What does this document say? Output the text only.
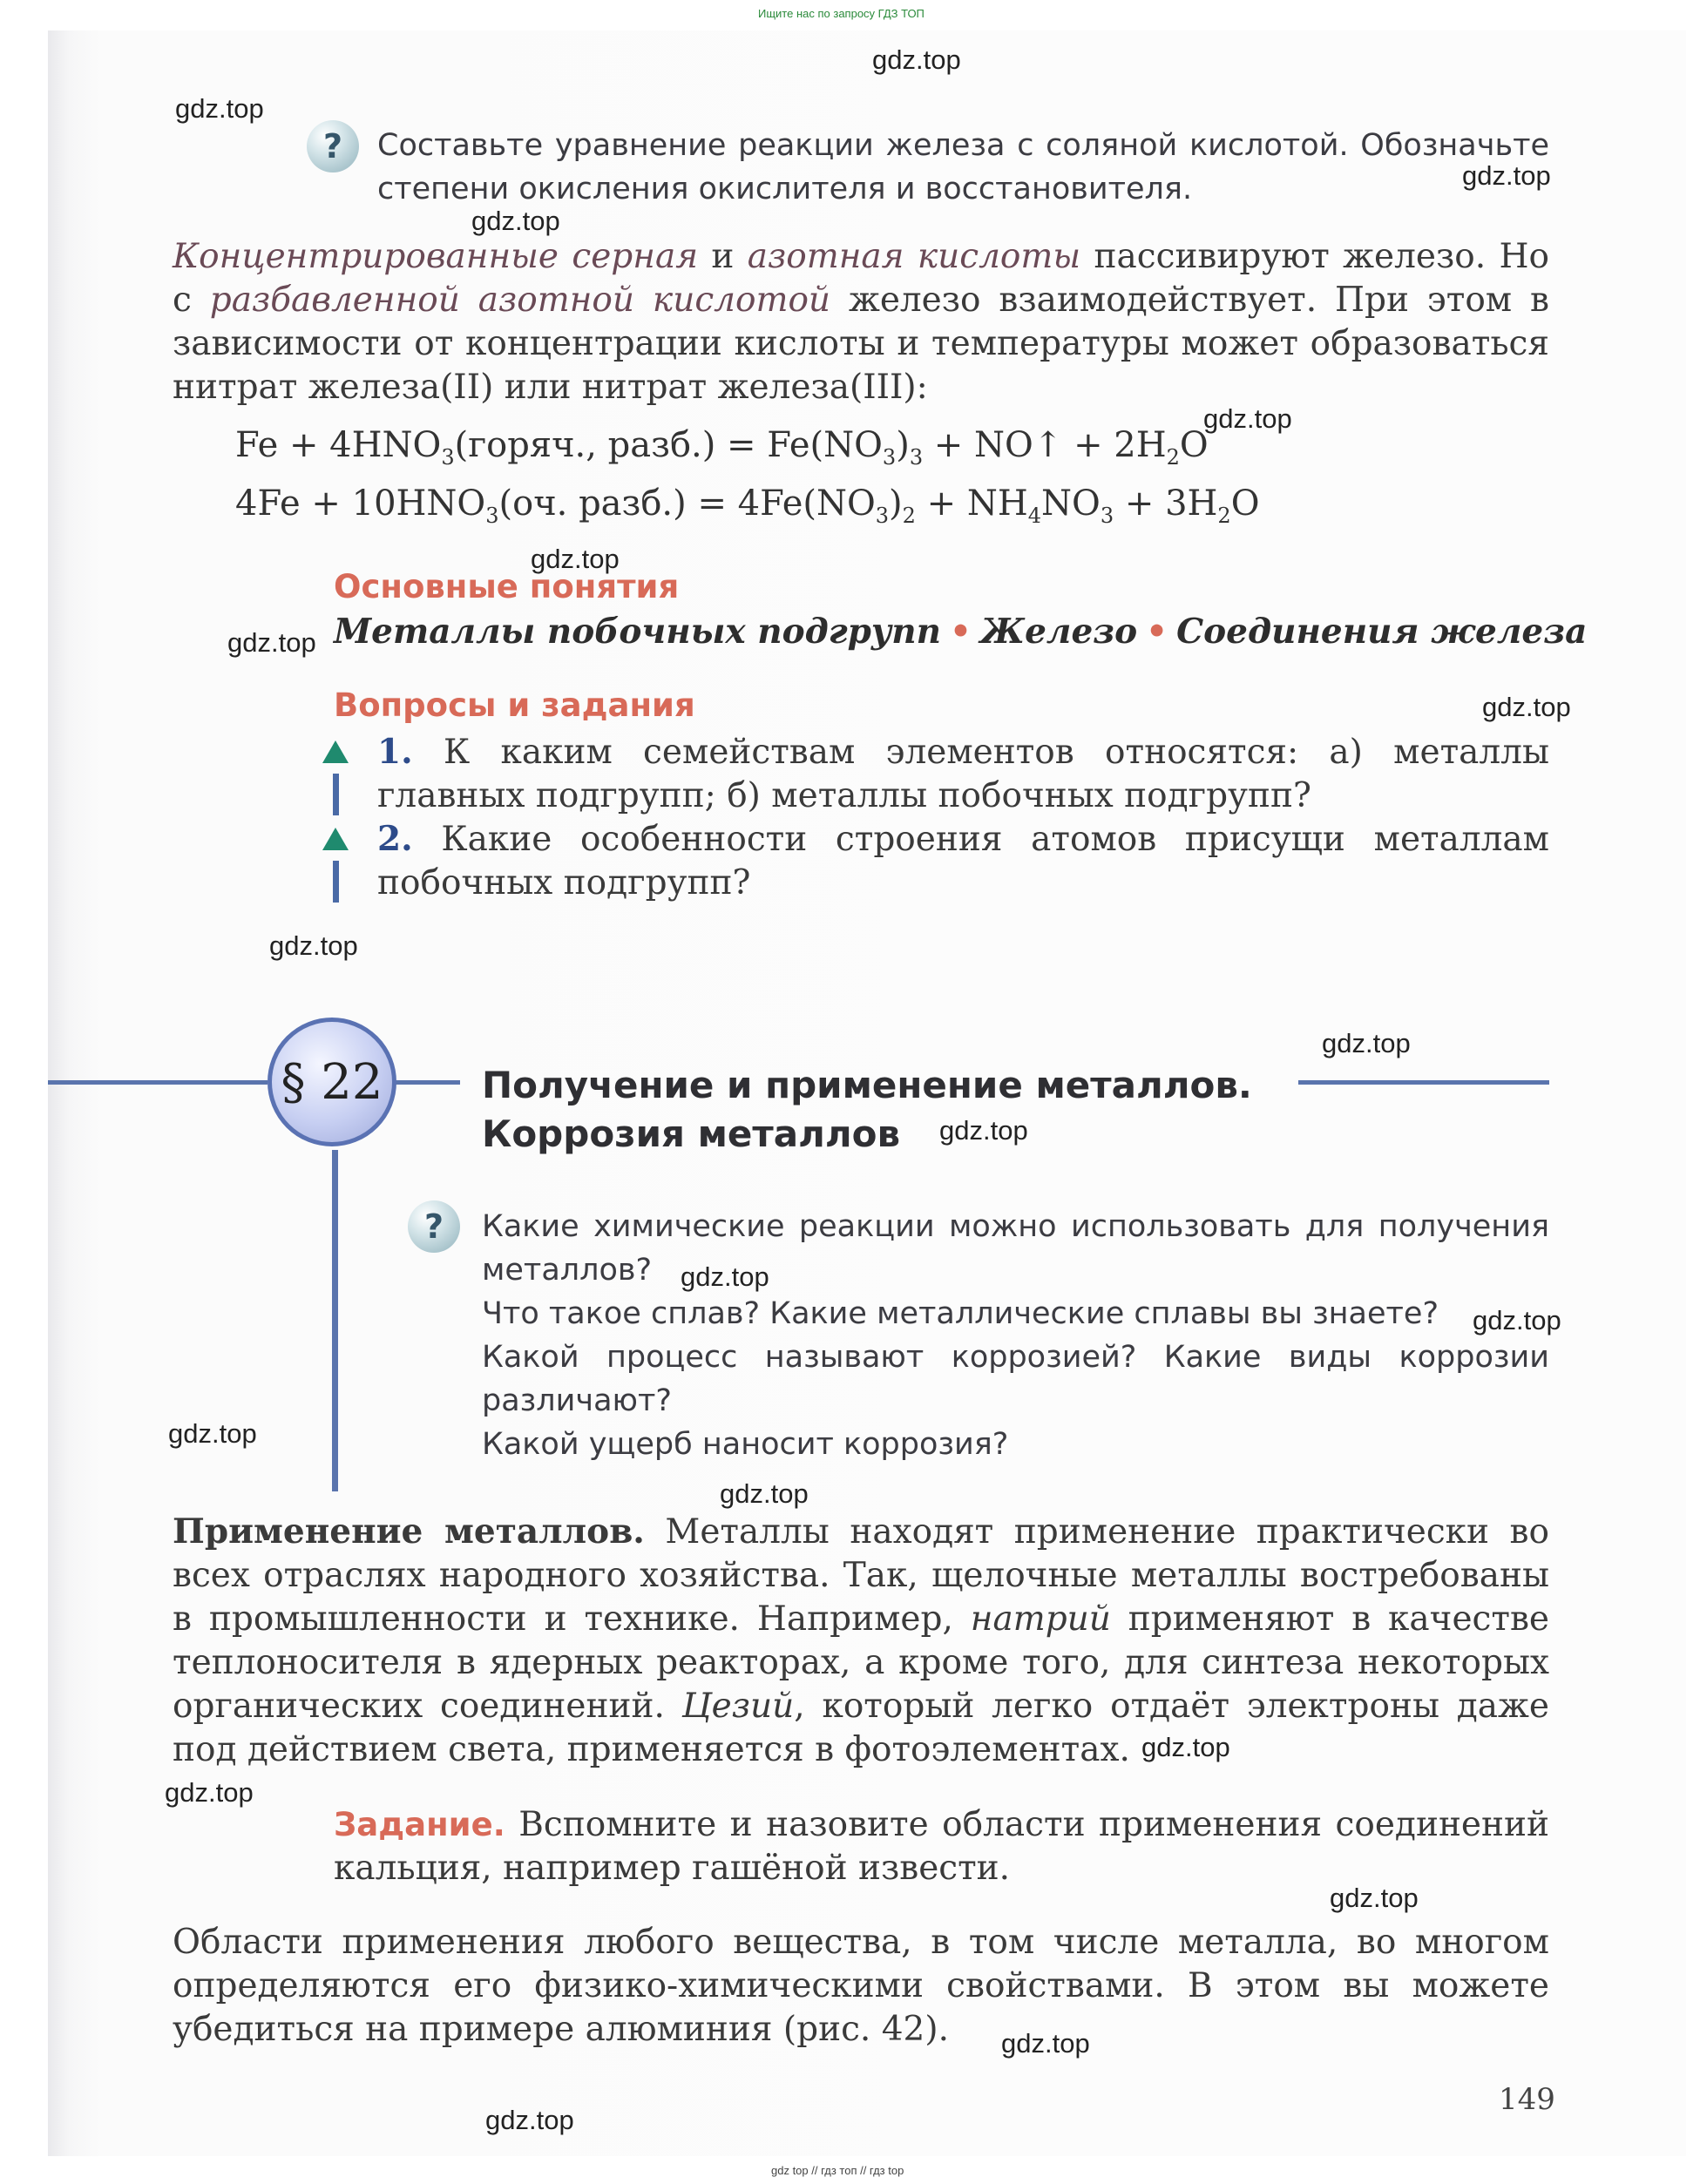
Ищите нас по запросу ГДЗ ТОП
?	Составьте уравнение реакции железа с соляной кислотой. Обозначьте степени окисления окислителя и восстановителя.
Концентрированные серная и азотная кислоты пассивируют железо. Но с разбавленной азотной кислотой железо взаимодействует. При этом в зависимости от концентрации кислоты и температуры может образоваться нитрат железа(II) или нитрат железа(III):
$Fe + 4HNO_3(горяч$., разб.) = $Fe(NO_3)_3$ + NO↑ + $2H_2O$
$4Fe + 10HNO_3(оч$. разб.) = $4Fe(NO_3)_2 + NH_4NO_3 + 3H_2O$
Основные понятия
Металлы побочных подгрупп • Железо • Соединения железа
Вопросы и задания
1. К каким семействам элементов относятся: а) металлы главных подгрупп; б) металлы побочных подгрупп?
2. Какие особенности строения атомов присущи металлам побочных подгрупп?
§ 22	Получение и применение металлов.
Коррозия металлов
?	Какие химические реакции можно использовать для получения металлов?
Что такое сплав? Какие металлические сплавы вы знаете?
Какой процесс называют коррозией? Какие виды коррозии различают?
Какой ущерб наносит коррозия?
Применение металлов. Металлы находят применение практически во всех отраслях народного хозяйства. Так, щелочные металлы востребованы в промышленности и технике. Например, натрий применяют в качестве теплоносителя в ядерных реакторах, а кроме того, для синтеза некоторых органических соединений. Цезий, который легко отдаёт электроны даже под действием света, применяется в фотоэлементах.
Задание. Вспомните и назовите области применения соединений кальция, например гашёной извести.
Области применения любого вещества, в том числе металла, во многом определяются его физико-химическими свойствами. В этом вы можете убедиться на примере алюминия (рис. 42).
149
gdz.top
gdz.top
gdz.top
gdz.top
gdz.top
gdz.top
gdz.top
gdz.top
gdz.top
gdz.top
gdz.top
gdz.top
gdz.top
gdz.top
gdz.top
gdz.top
gdz.top
gdz.top
gdz.top
gdz.top
gdz top // гдз топ // гдз top
